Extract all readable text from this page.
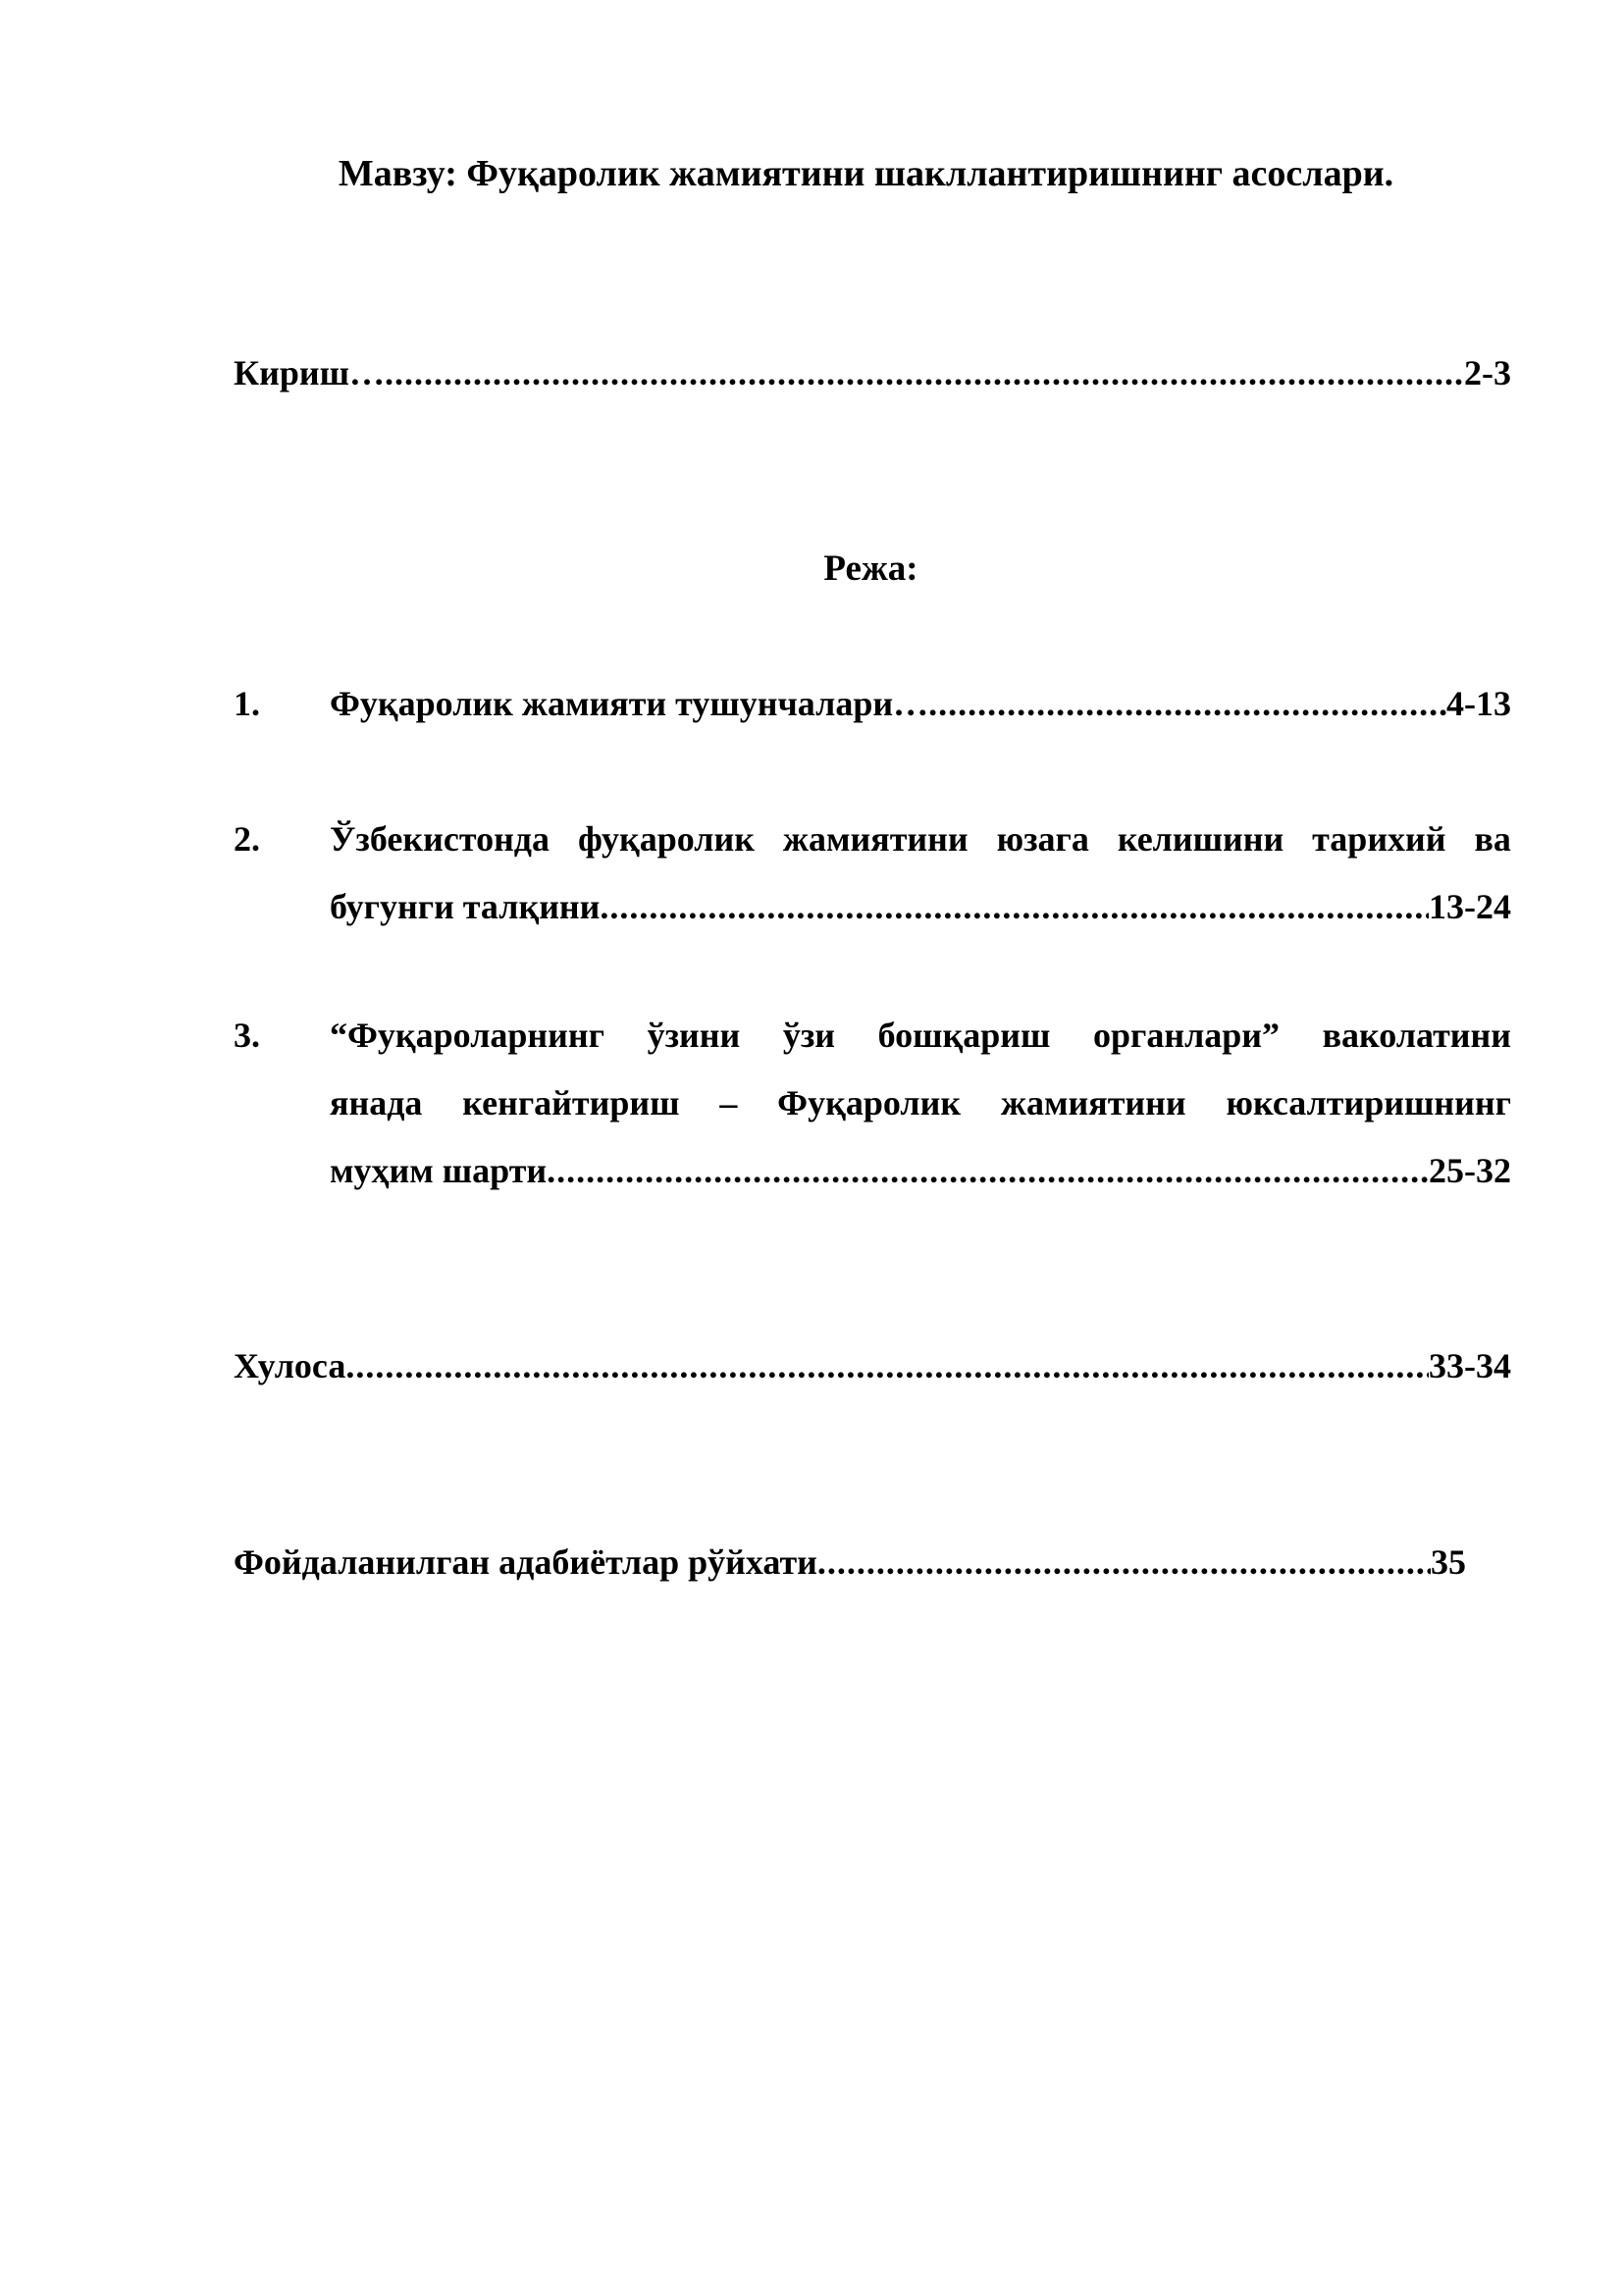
Мавзу: Фуқаролик жамиятини шакллантиришнинг асослари.
Кириш… .....	2-3
Режа:
1.	Фуқаролик жамияти тушунчалари… .....	4-13
2.	Ўзбекистонда фуқаролик жамиятини юзага келишини тарихий ва
бугунги талқини .....	13-24
3.	“Фуқароларнинг ўзини ўзи бошқариш органлари” ваколатини
янада кенгайтириш – Фуқаролик жамиятини юксалтиришнинг
муҳим шарти .....	25-32
Хулоса .....	33-34
Фойдаланилган адабиётлар рўйхати .....	35
